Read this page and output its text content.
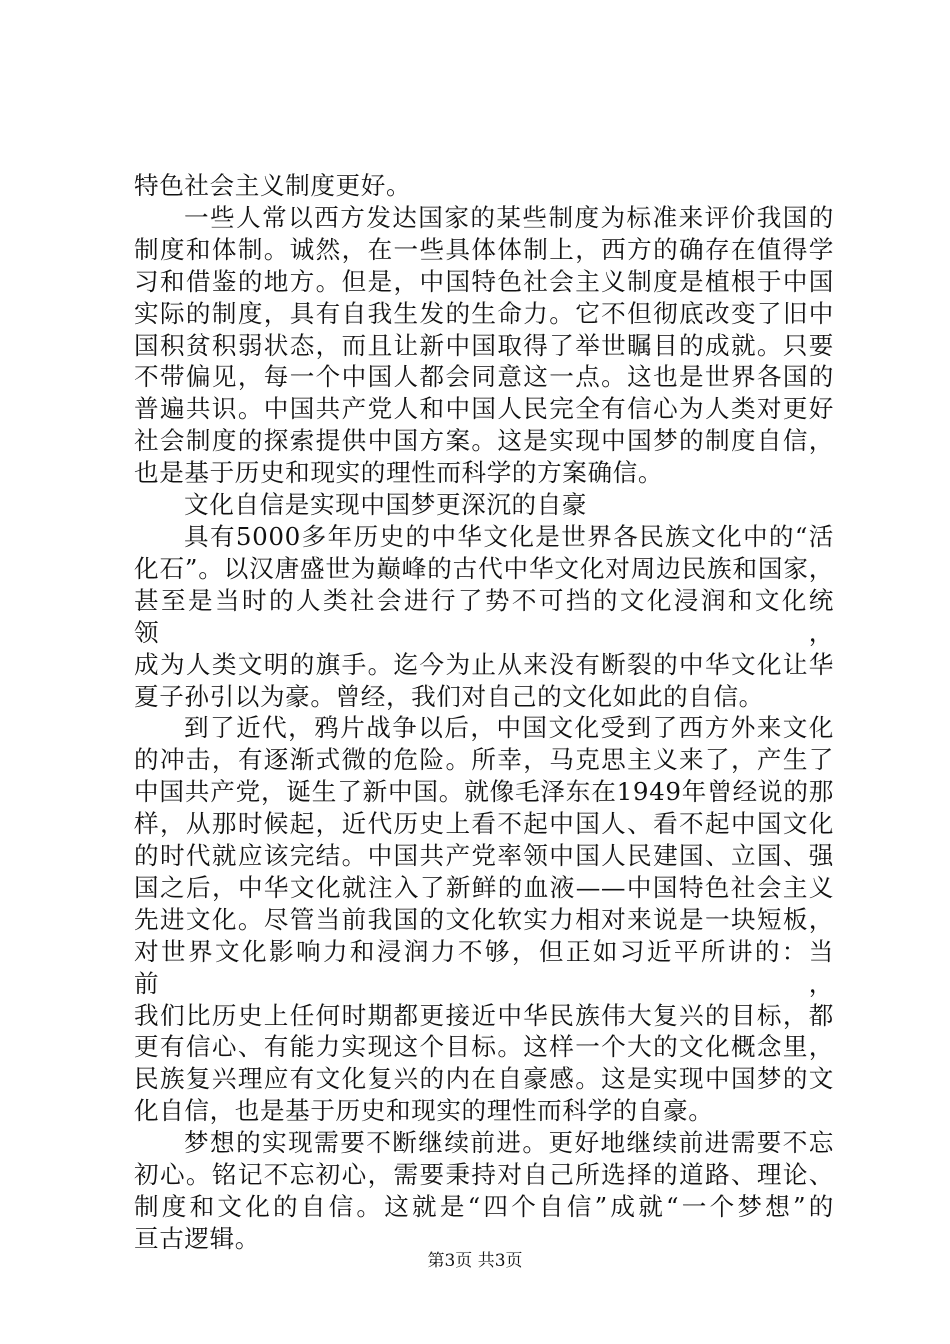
特色社会主义制度更好。
一些人常以西方发达国家的某些制度为标准来评价我国的
制度和体制。诚然，在一些具体体制上，西方的确存在值得学
习和借鉴的地方。但是，中国特色社会主义制度是植根于中国
实际的制度，具有自我生发的生命力。它不但彻底改变了旧中
国积贫积弱状态，而且让新中国取得了举世瞩目的成就。只要
不带偏见，每一个中国人都会同意这一点。这也是世界各国的
普遍共识。中国共产党人和中国人民完全有信心为人类对更好
社会制度的探索提供中国方案。这是实现中国梦的制度自信，
也是基于历史和现实的理性而科学的方案确信。
文化自信是实现中国梦更深沉的自豪
具有5000多年历史的中华文化是世界各民族文化中的“活
化石”。以汉唐盛世为巅峰的古代中华文化对周边民族和国家，
甚至是当时的人类社会进行了势不可挡的文化浸润和文化统领，
成为人类文明的旗手。迄今为止从来没有断裂的中华文化让华
夏子孙引以为豪。曾经，我们对自己的文化如此的自信。
到了近代，鸦片战争以后，中国文化受到了西方外来文化
的冲击，有逐渐式微的危险。所幸，马克思主义来了，产生了
中国共产党，诞生了新中国。就像毛泽东在1949年曾经说的那
样，从那时候起，近代历史上看不起中国人、看不起中国文化
的时代就应该完结。中国共产党率领中国人民建国、立国、强
国之后，中华文化就注入了新鲜的血液——中国特色社会主义
先进文化。尽管当前我国的文化软实力相对来说是一块短板，
对世界文化影响力和浸润力不够，但正如习近平所讲的：当前，
我们比历史上任何时期都更接近中华民族伟大复兴的目标，都
更有信心、有能力实现这个目标。这样一个大的文化概念里，
民族复兴理应有文化复兴的内在自豪感。这是实现中国梦的文
化自信，也是基于历史和现实的理性而科学的自豪。
梦想的实现需要不断继续前进。更好地继续前进需要不忘
初心。铭记不忘初心，需要秉持对自己所选择的道路、理论、
制度和文化的自信。这就是“四个自信”成就“一个梦想”的
亘古逻辑。
第3页 共3页
